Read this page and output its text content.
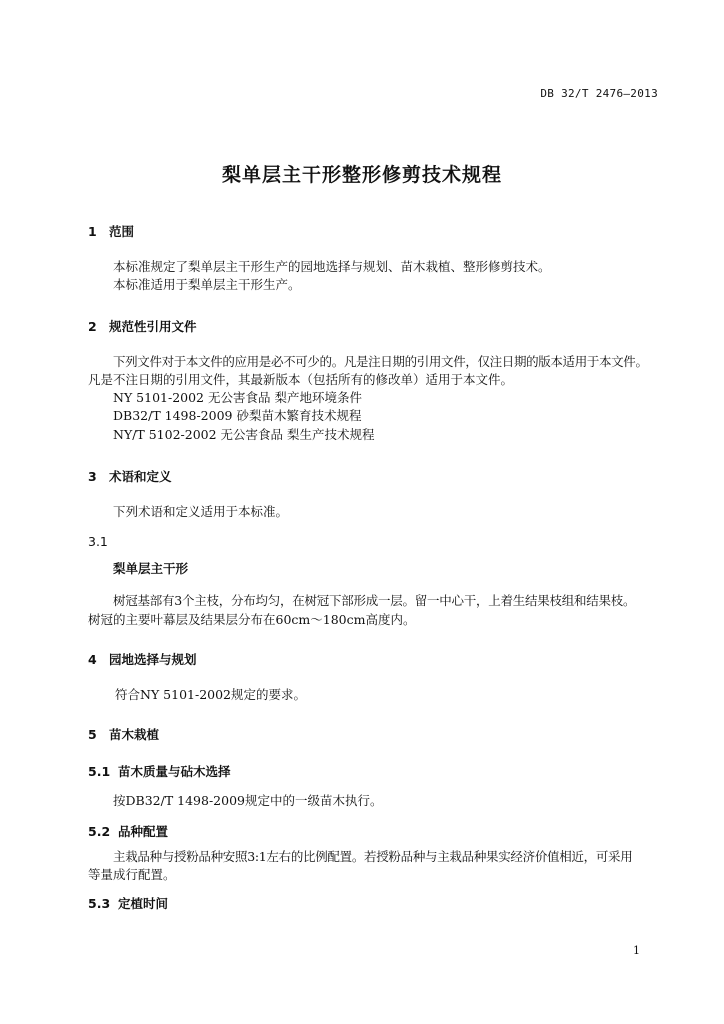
DB 32/T 2476—2013
梨单层主干形整形修剪技术规程
1 范围
本标准规定了梨单层主干形生产的园地选择与规划、苗木栽植、整形修剪技术。
本标准适用于梨单层主干形生产。
2 规范性引用文件
下列文件对于本文件的应用是必不可少的。凡是注日期的引用文件，仅注日期的版本适用于本文件。
凡是不注日期的引用文件，其最新版本（包括所有的修改单）适用于本文件。
NY 5101-2002 无公害食品 梨产地环境条件
DB32/T 1498-2009 砂梨苗木繁育技术规程
NY/T 5102-2002 无公害食品 梨生产技术规程
3 术语和定义
下列术语和定义适用于本标准。
3.1
梨单层主干形
树冠基部有3个主枝，分布均匀，在树冠下部形成一层。留一中心干，上着生结果枝组和结果枝。
树冠的主要叶幕层及结果层分布在60cm～180cm高度内。
4 园地选择与规划
符合NY 5101-2002规定的要求。
5 苗木栽植
5.1 苗木质量与砧木选择
按DB32/T 1498-2009规定中的一级苗木执行。
5.2 品种配置
主栽品种与授粉品种安照3:1左右的比例配置。若授粉品种与主栽品种果实经济价值相近，可采用
等量成行配置。
5.3 定植时间
1
